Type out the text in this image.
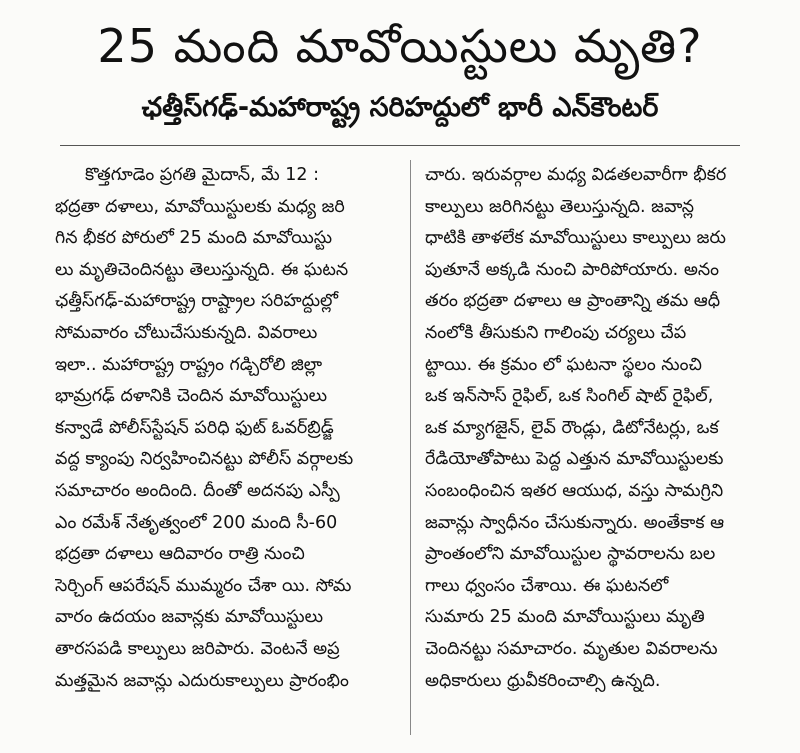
25 మంది మావోయిస్టులు మృతి?
ఛత్తీస్‌గఢ్‌-మహారాష్ట్ర సరిహద్దులో భారీ ఎన్‌కౌంటర్‌
కొత్తగూడెం ప్రగతి మైదాన్, మే 12 :
భద్రతా దళాలు, మావోయిస్టులకు మధ్య జరి
గిన భీకర పోరులో 25 మంది మావోయిస్టు
లు మృతిచెందినట్టు తెలుస్తున్నది. ఈ ఘటన
ఛత్తీస్‌గఢ్‌-మహారాష్ట్ర రాష్ట్రాల సరిహద్దుల్లో
సోమవారం చోటుచేసుకున్నది. వివరాలు
ఇలా.. మహారాష్ట్ర రాష్ట్రం గడ్చిరోలి జిల్లా
భామ్రగఢ్‌ దళానికి చెందిన మావోయిస్టులు
కన్వాడే పోలీస్‌స్టేషన్ పరిధి ఫుట్ ఓవర్‌బ్రిడ్జ్
వద్ద క్యాంపు నిర్వహించినట్టు పోలీస్ వర్గాలకు
సమాచారం అందింది. దీంతో అదనపు ఎస్పీ
ఎం రమేశ్‌ నేతృత్వంలో 200 మంది సీ-60
భద్రతా దళాలు ఆదివారం రాత్రి నుంచి
సెర్చింగ్ ఆపరేషన్ ముమ్మరం చేశా యి. సోమ
వారం ఉదయం జవాన్లకు మావోయిస్టులు
తారసపడి కాల్పులు జరిపారు. వెంటనే అప్ర
మత్తమైన జవాన్లు ఎదురుకాల్పులు ప్రారంభిం
చారు. ఇరువర్గాల మధ్య విడతలవారీగా భీకర
కాల్పులు జరిగినట్టు తెలుస్తున్నది. జవాన్ల
ధాటికి తాళలేక మావోయిస్టులు కాల్పులు జరు
పుతూనే అక్కడి నుంచి పారిపోయారు. అనం
తరం భద్రతా దళాలు ఆ ప్రాంతాన్ని తమ ఆధీ
నంలోకి తీసుకుని గాలింపు చర్యలు చేప
ట్టాయి. ఈ క్రమం లో ఘటనా స్థలం నుంచి
ఒక ఇన్‌సాస్ రైఫిల్, ఒక సింగిల్ షాట్ రైఫిల్,
ఒక మ్యాగజైన్, లైవ్ రౌండ్లు, డిటోనేటర్లు, ఒక
రేడియోతోపాటు పెద్ద ఎత్తున మావోయిస్టులకు
సంబంధించిన ఇతర ఆయుధ, వస్తు సామగ్రిని
జవాన్లు స్వాధీనం చేసుకున్నారు. అంతేకాక ఆ
ప్రాంతంలోని మావోయిస్టుల స్థావరాలను బల
గాలు ధ్వంసం చేశాయి. ఈ ఘటనలో
సుమారు 25 మంది మావోయిస్టులు మృతి
చెందినట్టు సమాచారం. మృతుల వివరాలను
అధికారులు ధ్రువీకరించాల్సి ఉన్నది.
